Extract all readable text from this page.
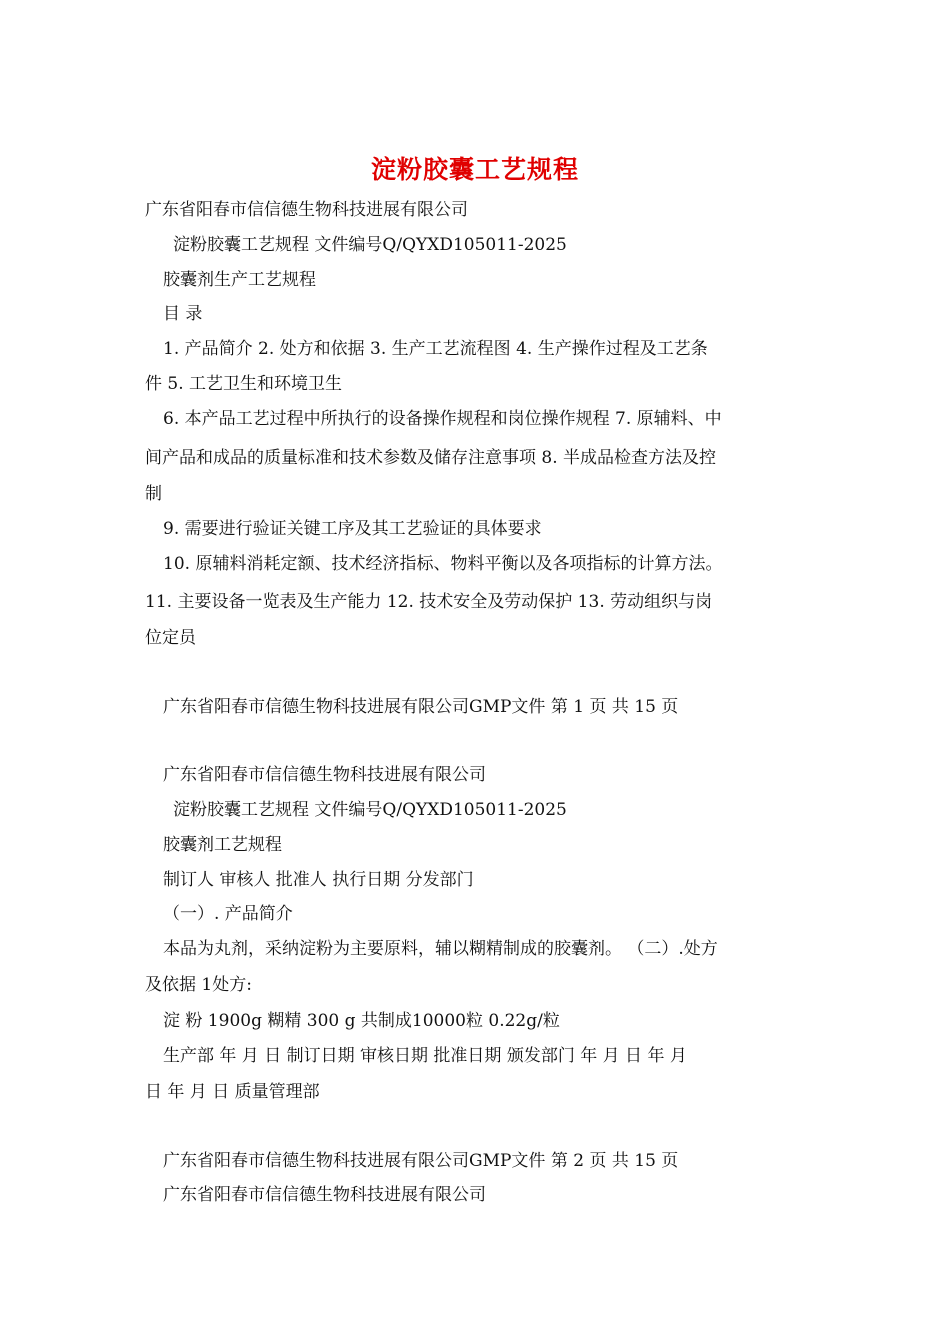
淀粉胶囊工艺规程
广东省阳春市信信德生物科技进展有限公司
淀粉胶囊工艺规程 文件编号Q/QYXD105011-2025
胶囊剂生产工艺规程
目 录
1. 产品简介 2. 处方和依据 3. 生产工艺流程图 4. 生产操作过程及工艺条
件 5. 工艺卫生和环境卫生
6. 本产品工艺过程中所执行的设备操作规程和岗位操作规程 7. 原辅料、中
间产品和成品的质量标准和技术参数及储存注意事项 8. 半成品检查方法及控
制
9. 需要进行验证关键工序及其工艺验证的具体要求
10. 原辅料消耗定额、技术经济指标、物料平衡以及各项指标的计算方法。
11. 主要设备一览表及生产能力 12. 技术安全及劳动保护 13. 劳动组织与岗
位定员
广东省阳春市信德生物科技进展有限公司GMP文件 第 1 页 共 15 页
广东省阳春市信信德生物科技进展有限公司
淀粉胶囊工艺规程 文件编号Q/QYXD105011-2025
胶囊剂工艺规程
制订人 审核人 批准人 执行日期 分发部门
（一）. 产品简介
本品为丸剂，采纳淀粉为主要原料，辅以糊精制成的胶囊剂。 （二）.处方
及依据 1处方:
淀 粉 1900g 糊精 300 g 共制成10000粒 0.22g/粒
生产部 年 月 日 制订日期 审核日期 批准日期 颁发部门 年 月 日 年 月
日 年 月 日 质量管理部
广东省阳春市信德生物科技进展有限公司GMP文件 第 2 页 共 15 页
广东省阳春市信信德生物科技进展有限公司
